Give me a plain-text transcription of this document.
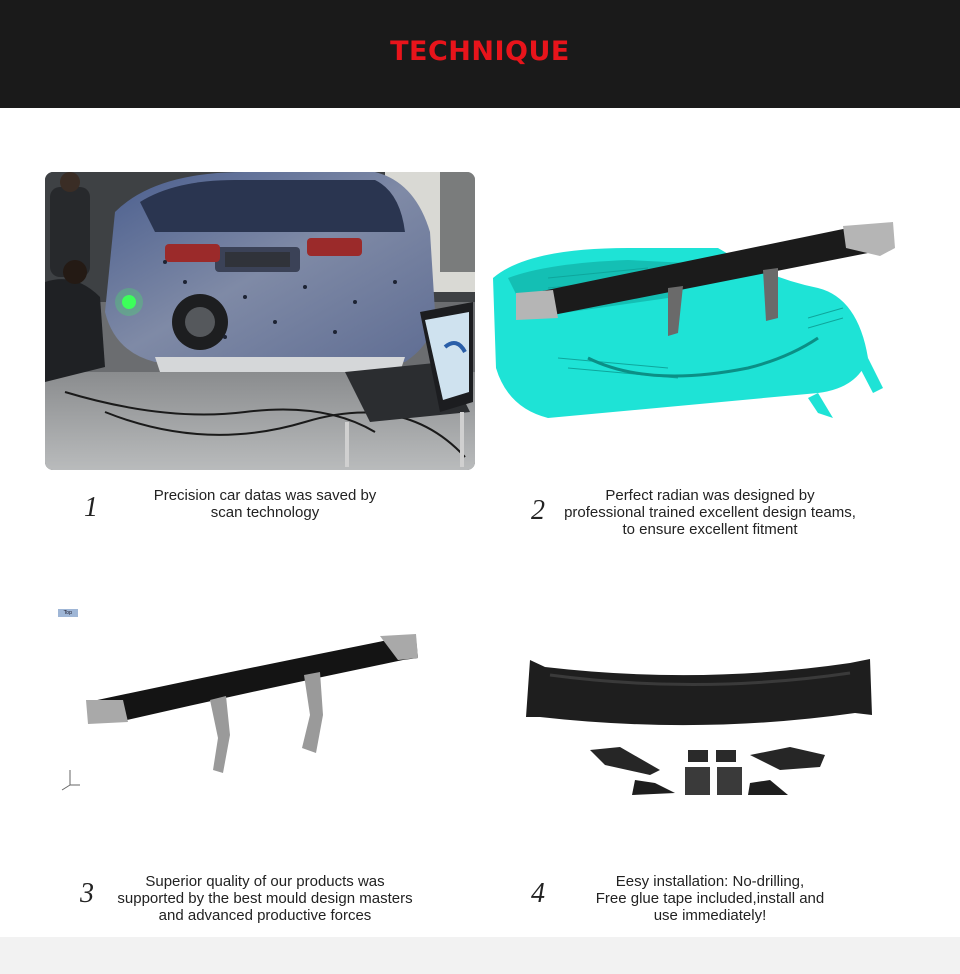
TECHNIQUE
Top
1	Precision car datas was saved by
scan technology	2	Perfect radian was designed by
professional trained excellent design teams,
to ensure excellent fitment
3	Superior quality of our products was
supported by the best mould design masters
and advanced productive forces
4	Eesy installation: No-drilling,
Free glue tape included,install and
use immediately!
